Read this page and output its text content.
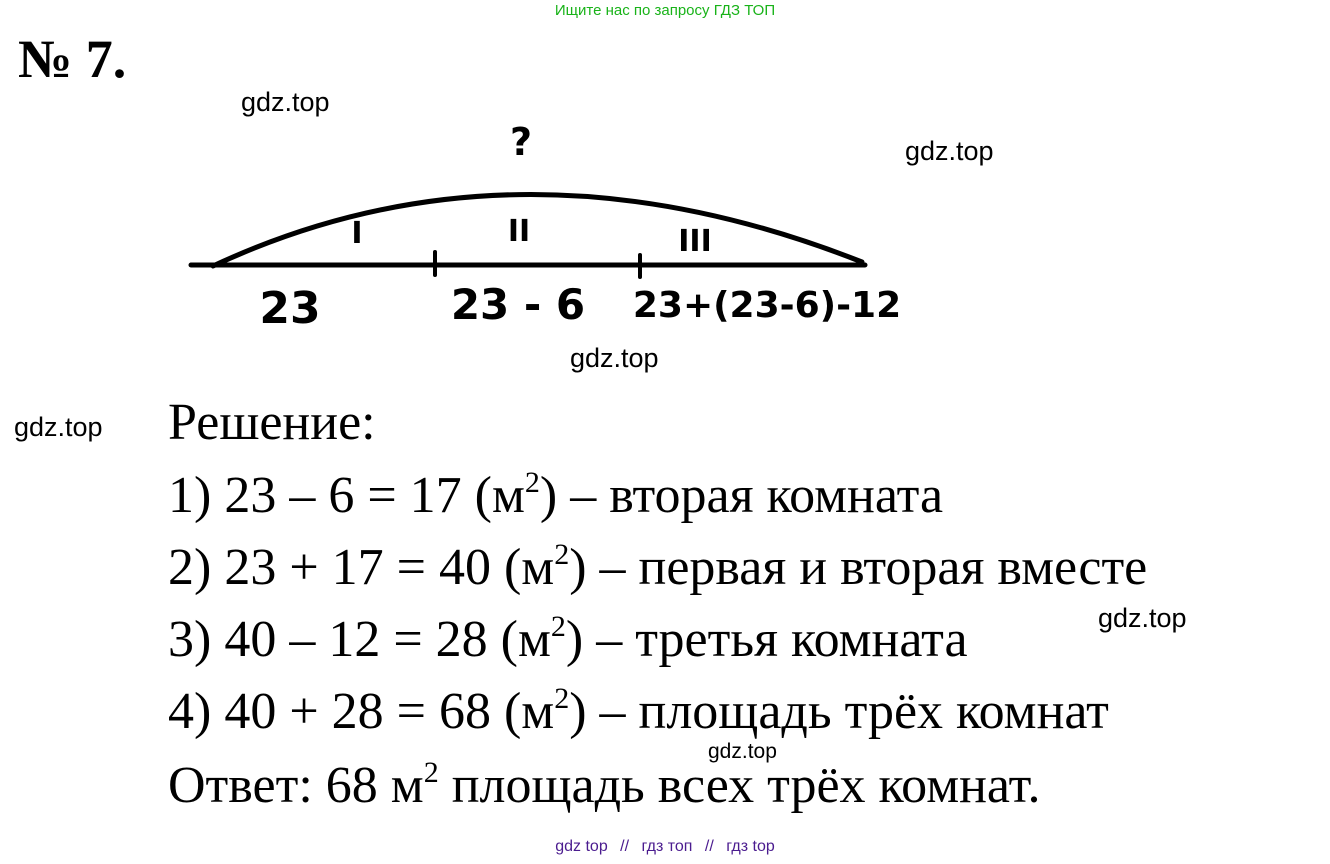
Ищите нас по запросу ГДЗ ТОП
№ 7.
gdz.top
gdz.top
gdz.top
gdz.top
gdz.top
gdz.top
?
I	II	III
23	23 - 6 23+(23-6)-12
Решение:
1) 23 – 6 = 17 $(м^2)$ – вторая комната
2) 23 + 17 = 40 $(м^2)$ – первая и вторая вместе
3) 40 – 12 = 28 $(м^2)$ – третья комната
4) 40 + 28 = 68 $(м^2)$ – площадь трёх комнат
Ответ: 68 $м^2$ площадь всех трёх комнат.
gdz top // гдз топ // гдз top
